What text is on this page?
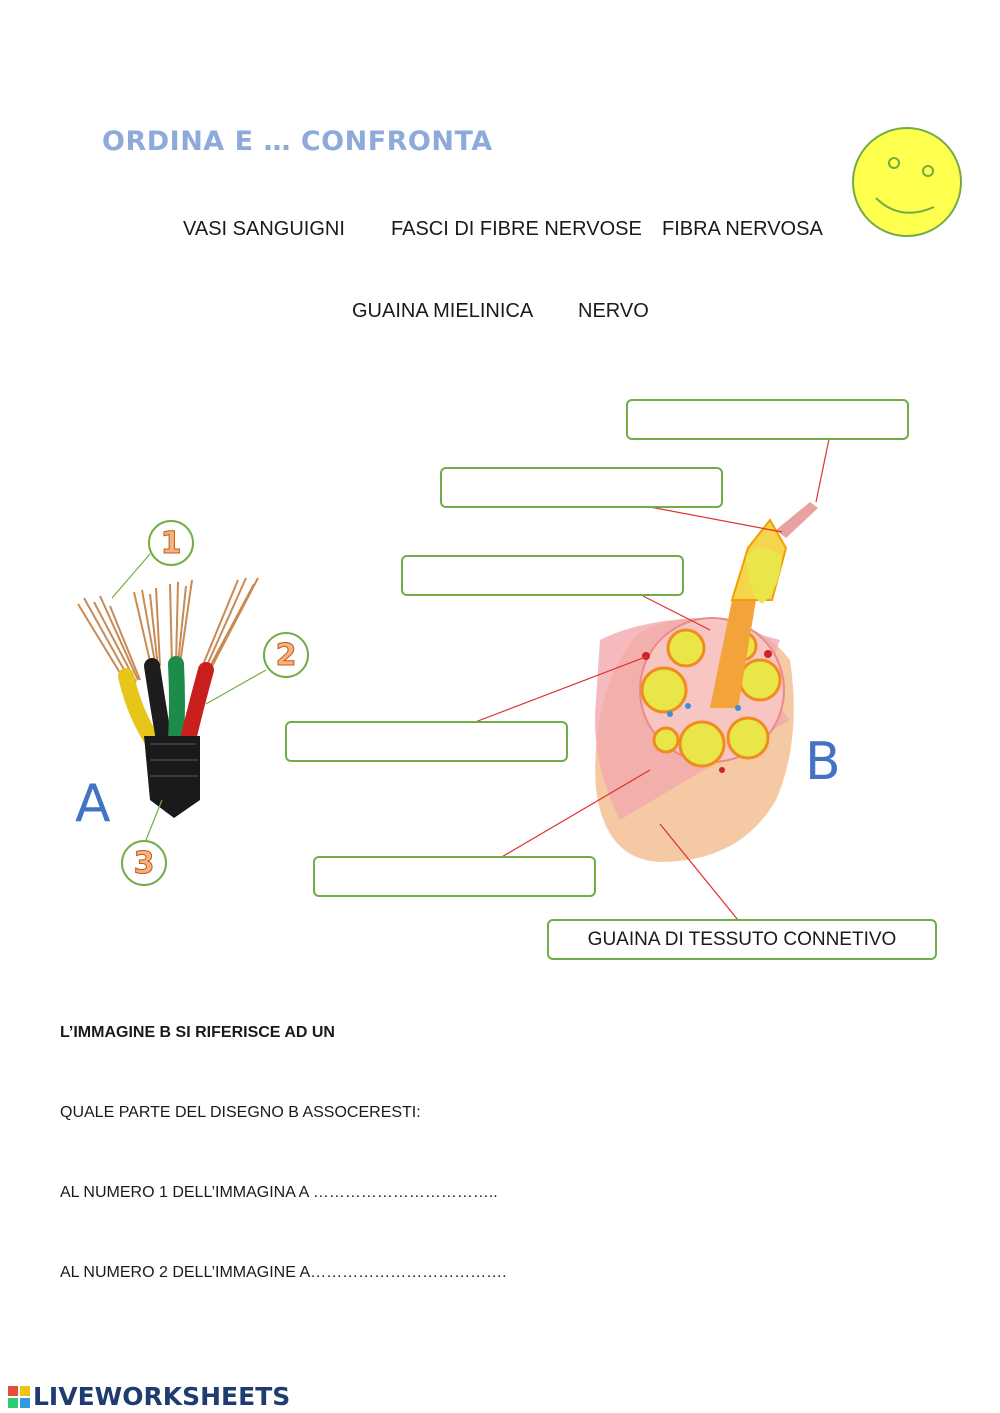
ORDINA E … CONFRONTA
VASI SANGUIGNI FASCI DI FIBRE NERVOSE FIBRA NERVOSA
GUAINA MIELINICA NERVO
GUAINA DI TESSUTO CONNETIVO
1
2
3
A
B
L’IMMAGINE B SI RIFERISCE AD UN
QUALE PARTE DEL DISEGNO B ASSOCERESTI:
AL NUMERO 1 DELL’IMMAGINA A ……………………………..
AL NUMERO 2 DELL’IMMAGINE A……………………………….
LIVEWORKSHEETS
